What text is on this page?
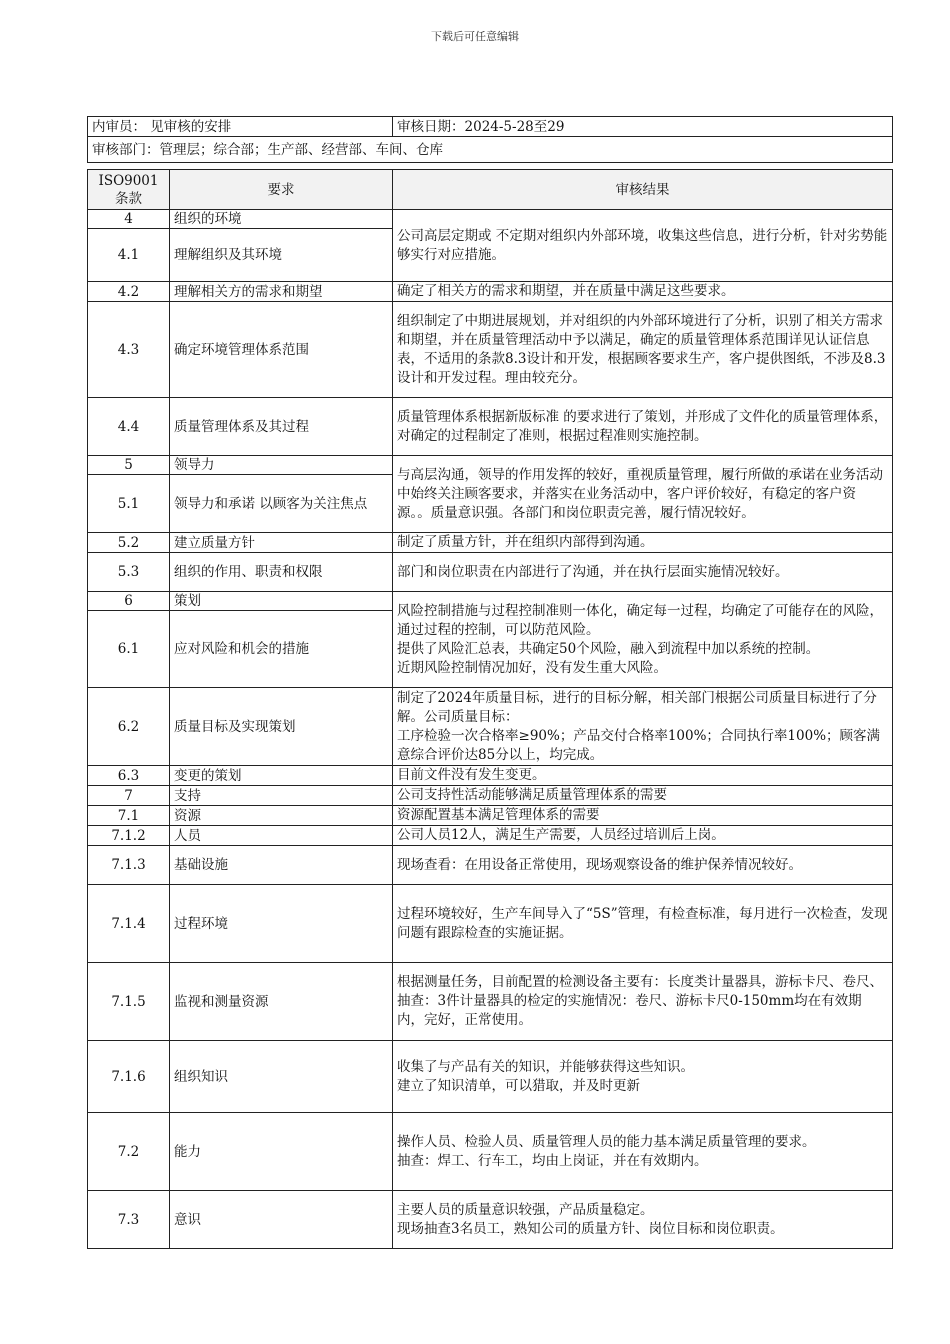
下载后可任意编辑
内审员： 见审核的安排		审核日期：2024-5-28至29
审核部门：管理层；综合部；生产部、经营部、车间、仓库		

ISO9001条款	要求	审核结果
4	组织的环境	公司高层定期或 不定期对组织内外部环境，收集这些信息，进行分析，针对劣势能够实行对应措施。
4.1	理解组织及其环境	
4.2	理解相关方的需求和期望	确定了相关方的需求和期望，并在质量中满足这些要求。
4.3	确定环境管理体系范围	组织制定了中期进展规划，并对组织的内外部环境进行了分析，识别了相关方需求和期望，并在质量管理活动中予以满足，确定的质量管理体系范围详见认证信息表，不适用的条款8.3设计和开发，根据顾客要求生产，客户提供图纸，不涉及8.3设计和开发过程。理由较充分。
4.4	质量管理体系及其过程	质量管理体系根据新版标准 的要求进行了策划，并形成了文件化的质量管理体系，对确定的过程制定了准则，根据过程准则实施控制。
5	领导力	与高层沟通，领导的作用发挥的较好，重视质量管理，履行所做的承诺在业务活动中始终关注顾客要求，并落实在业务活动中，客户评价较好，有稳定的客户资源。。质量意识强。各部门和岗位职责完善，履行情况较好。
5.1	领导力和承诺 以顾客为关注焦点	
5.2	建立质量方针	制定了质量方针，并在组织内部得到沟通。
5.3	组织的作用、职责和权限	部门和岗位职责在内部进行了沟通，并在执行层面实施情况较好。
6	策划	风险控制措施与过程控制准则一体化，确定每一过程，均确定了可能存在的风险，通过过程的控制，可以防范风险。
提供了风险汇总表，共确定50个风险，融入到流程中加以系统的控制。
近期风险控制情况加好，没有发生重大风险。

6.1	应对风险和机会的措施	
6.2	质量目标及实现策划	制定了2024年质量目标，进行的目标分解，相关部门根据公司质量目标进行了分解。公司质量目标：
工序检验一次合格率≥90%；产品交付合格率100%；合同执行率100%；顾客满意综合评价达85分以上，均完成。

6.3	变更的策划	目前文件没有发生变更。
7	支持	公司支持性活动能够满足质量管理体系的需要
7.1	资源	资源配置基本满足管理体系的需要
7.1.2	人员	公司人员12人，满足生产需要，人员经过培训后上岗。
7.1.3	基础设施	现场查看：在用设备正常使用，现场观察设备的维护保养情况较好。
7.1.4	过程环境	过程环境较好，生产车间导入了“5S”管理，有检查标准，每月进行一次检查，发现问题有跟踪检查的实施证据。
7.1.5	监视和测量资源	根据测量任务，目前配置的检测设备主要有：长度类计量器具，游标卡尺、卷尺、
抽查：3件计量器具的检定的实施情况：卷尺、游标卡尺0-150mm均在有效期内，完好，正常使用。

7.1.6	组织知识	收集了与产品有关的知识，并能够获得这些知识。
建立了知识清单，可以猎取，并及时更新

7.2	能力	操作人员、检验人员、质量管理人员的能力基本满足质量管理的要求。
抽查：焊工、行车工，均由上岗证，并在有效期内。

7.3	意识	主要人员的质量意识较强，产品质量稳定。
现场抽查3名员工，熟知公司的质量方针、岗位目标和岗位职责。
